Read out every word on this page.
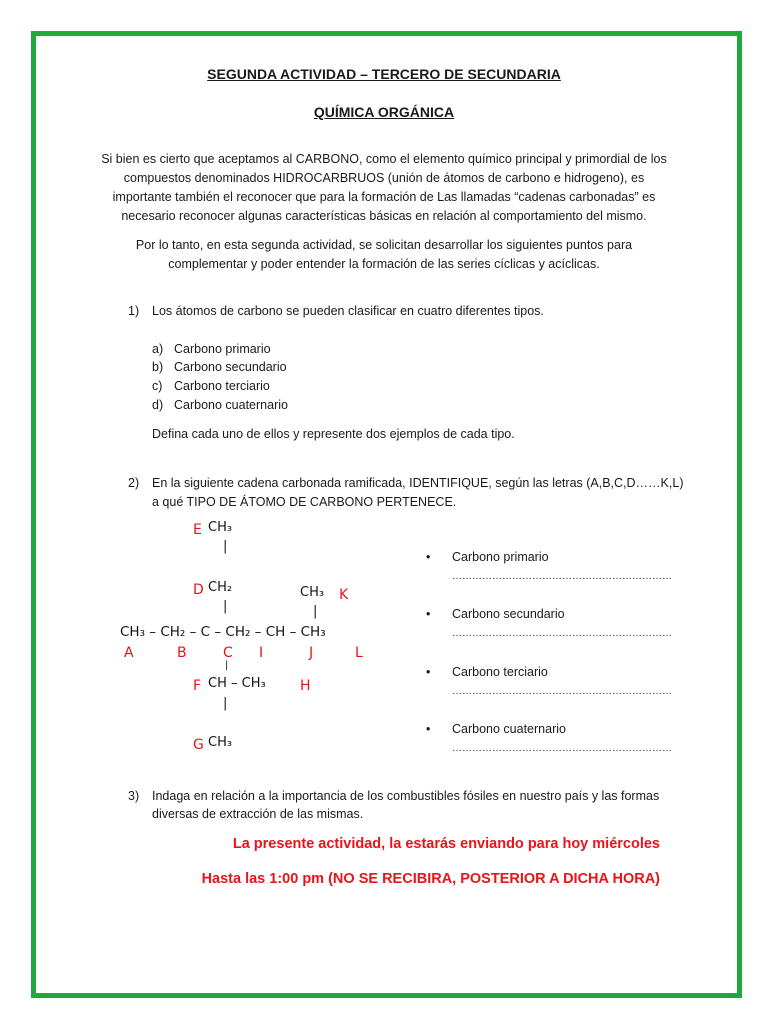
SEGUNDA ACTIVIDAD – TERCERO DE SECUNDARIA
QUÍMICA ORGÁNICA
Si bien es cierto que aceptamos al CARBONO, como el elemento químico principal y primordial de los compuestos denominados HIDROCARBRUOS (unión de átomos de carbono e hidrogeno), es importante también el reconocer que para la formación de Las llamadas “cadenas carbonadas” es necesario reconocer algunas características básicas en relación al comportamiento del mismo.
Por lo tanto, en esta segunda actividad, se solicitan desarrollar los siguientes puntos para complementar y poder entender la formación de las series cíclicas y acíclicas.
1) Los átomos de carbono se pueden clasificar en cuatro diferentes tipos.
a) Carbono primario
b) Carbono secundario
c) Carbono terciario
d) Carbono cuaternario
Defina cada uno de ellos y represente dos ejemplos de cada tipo.
2) En la siguiente cadena carbonada ramificada, IDENTIFIQUE, según las letras (A,B,C,D……K,L)
a qué TIPO DE ÁTOMO DE CARBONO PERTENECE.
E CH₃
|
D CH₂
|
CH₃ K
|
CH₃ – CH₂ – C – CH₂ – CH – CH₃
A	B	C I	J	L
|
F CH – CH₃ H
|
G CH₃
• Carbono primario
…………………………………………………………
• Carbono secundario
…………………………………………………………
• Carbono terciario
…………………………………………………………
• Carbono cuaternario
…………………………………………………………
3) Indaga en relación a la importancia de los combustibles fósiles en nuestro país y las formas
diversas de extracción de las mismas.
La presente actividad, la estarás enviando para hoy miércoles
Hasta las 1:00 pm (NO SE RECIBIRA, POSTERIOR A DICHA HORA)
